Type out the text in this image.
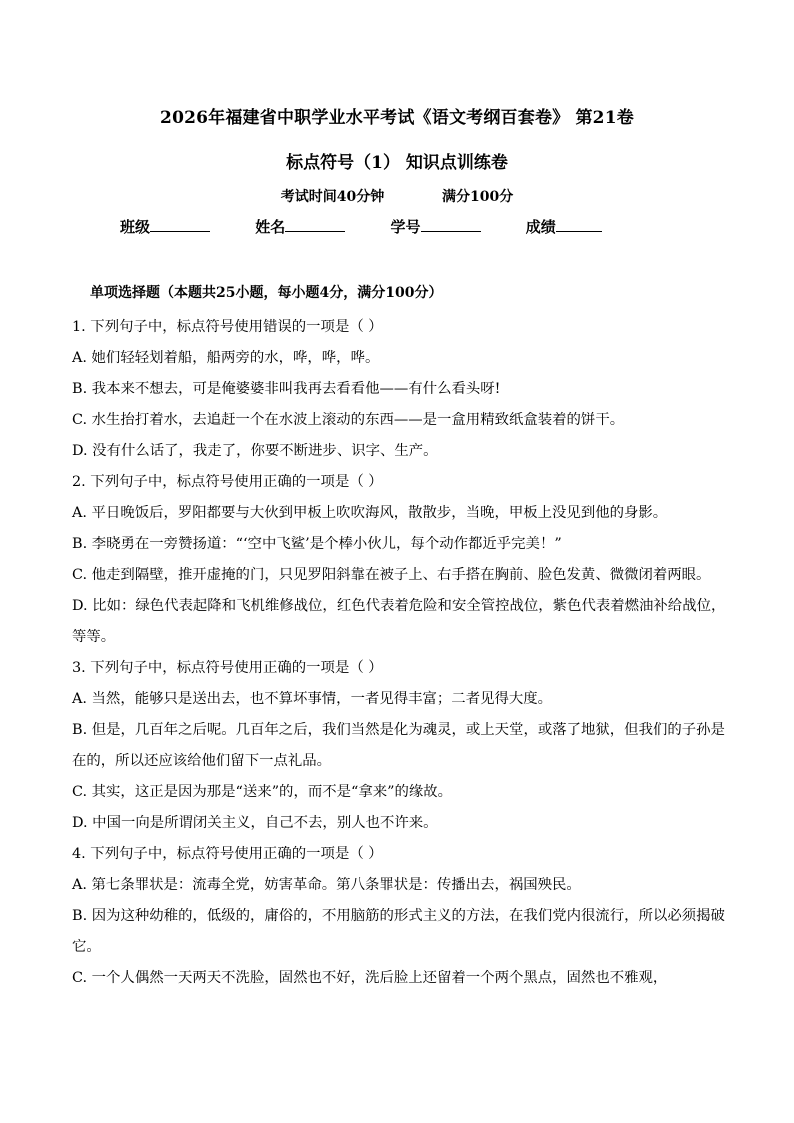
2026年福建省中职学业水平考试《语文考纲百套卷》 第21卷
标点符号（1） 知识点训练卷
考试时间40分钟	满分100分
班级	姓名	学号	成绩
单项选择题（本题共25小题，每小题4分，满分100分）
1. 下列句子中，标点符号使用错误的一项是（ ）
A. 她们轻轻划着船，船两旁的水，哗，哗，哗。
B. 我本来不想去，可是俺婆婆非叫我再去看看他——有什么看头呀!
C. 水生抬打着水，去追赶一个在水波上滚动的东西——是一盒用精致纸盒装着的饼干。
D. 没有什么话了，我走了，你要不断进步、识字、生产。
2. 下列句子中，标点符号使用正确的一项是（ ）
A. 平日晚饭后，罗阳都要与大伙到甲板上吹吹海风，散散步，当晚，甲板上没见到他的身影。
B. 李晓勇在一旁赞扬道：“‘空中飞鲨’是个棒小伙儿，每个动作都近乎完美！”
C. 他走到隔壁，推开虚掩的门，只见罗阳斜靠在被子上、右手搭在胸前、脸色发黄、微微闭着两眼。
D. 比如：绿色代表起降和飞机维修战位，红色代表着危险和安全管控战位，紫色代表着燃油补给战位，等等。
3. 下列句子中，标点符号使用正确的一项是（ ）
A. 当然，能够只是送出去，也不算坏事情，一者见得丰富；二者见得大度。
B. 但是，几百年之后呢。几百年之后，我们当然是化为魂灵，或上天堂，或落了地狱，但我们的子孙是在的，所以还应该给他们留下一点礼品。
C. 其实，这正是因为那是“送来”的，而不是“拿来”的缘故。
D. 中国一向是所谓闭关主义，自己不去，别人也不许来。
4. 下列句子中，标点符号使用正确的一项是（ ）
A. 第七条罪状是：流毒全党，妨害革命。第八条罪状是：传播出去，祸国殃民。
B. 因为这种幼稚的，低级的，庸俗的，不用脑筋的形式主义的方法，在我们党内很流行，所以必须揭破它。
C. 一个人偶然一天两天不洗脸，固然也不好，洗后脸上还留着一个两个黑点，固然也不雅观，
